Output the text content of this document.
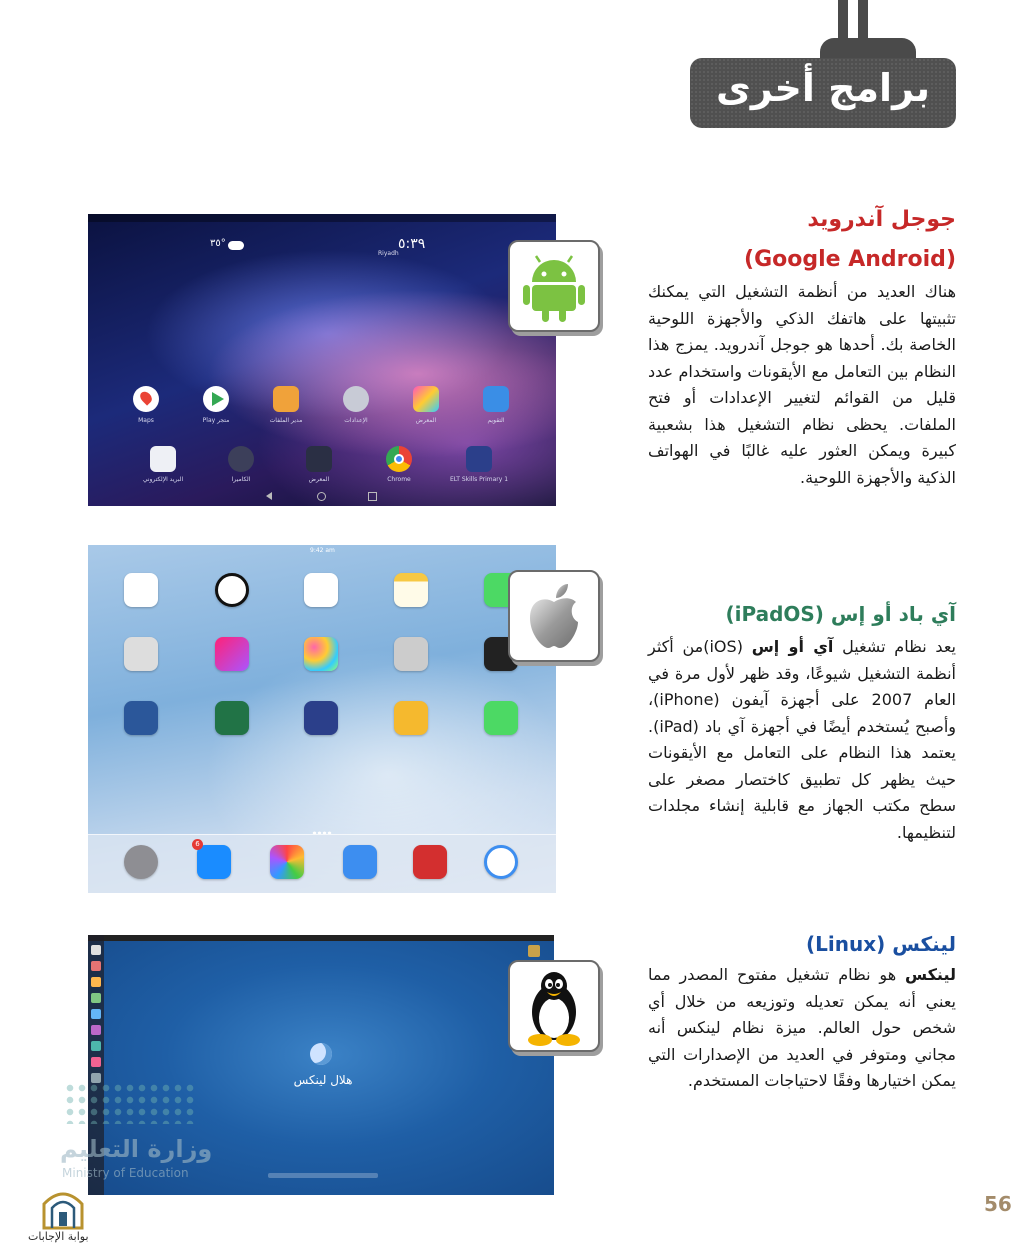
برامج أخرى
٥:٣٩
Riyadh
٣٥°
Maps	Play متجر	مدير الملفات	الإعدادات	المعرض	التقويم
البريد الإلكتروني	الكاميرا	المعرض	Chrome	ELT Skills Primary 1
جوجل آندرويد
(Google Android)
هناك العديد من أنظمة التشغيل التي يمكنك تثبيتها على هاتفك الذكي والأجهزة اللوحية الخاصة بك. أحدها هو جوجل آندرويد. يمزج هذا النظام بين التعامل مع الأيقونات واستخدام عدد قليل من القوائم لتغيير الإعدادات أو فتح الملفات. يحظى نظام التشغيل هذا بشعبية كبيرة ويمكن العثور عليه غالبًا في الهواتف الذكية والأجهزة اللوحية.
9:42 am
6
آي باد أو إس (iPadOS)
يعد نظام تشغيل آي أو إس (iOS)من أكثر أنظمة التشغيل شيوعًا، وقد ظهر لأول مرة في العام 2007 على أجهزة آيفون (iPhone)، وأصبح يُستخدم أيضًا في أجهزة آي باد (iPad). يعتمد هذا النظام على التعامل مع الأيقونات حيث يظهر كل تطبيق كاختصار مصغر على سطح مكتب الجهاز مع قابلية إنشاء مجلدات لتنظيمها.
هلال لينكس
لينكس (Linux)
لينكس هو نظام تشغيل مفتوح المصدر مما يعني أنه يمكن تعديله وتوزيعه من خلال أي شخص حول العالم. ميزة نظام لينكس أنه مجاني ومتوفر في العديد من الإصدارات التي يمكن اختيارها وفقًا لاحتياجات المستخدم.
وزارة التعليم
Ministry of Education
بوابة الإجابات
56
